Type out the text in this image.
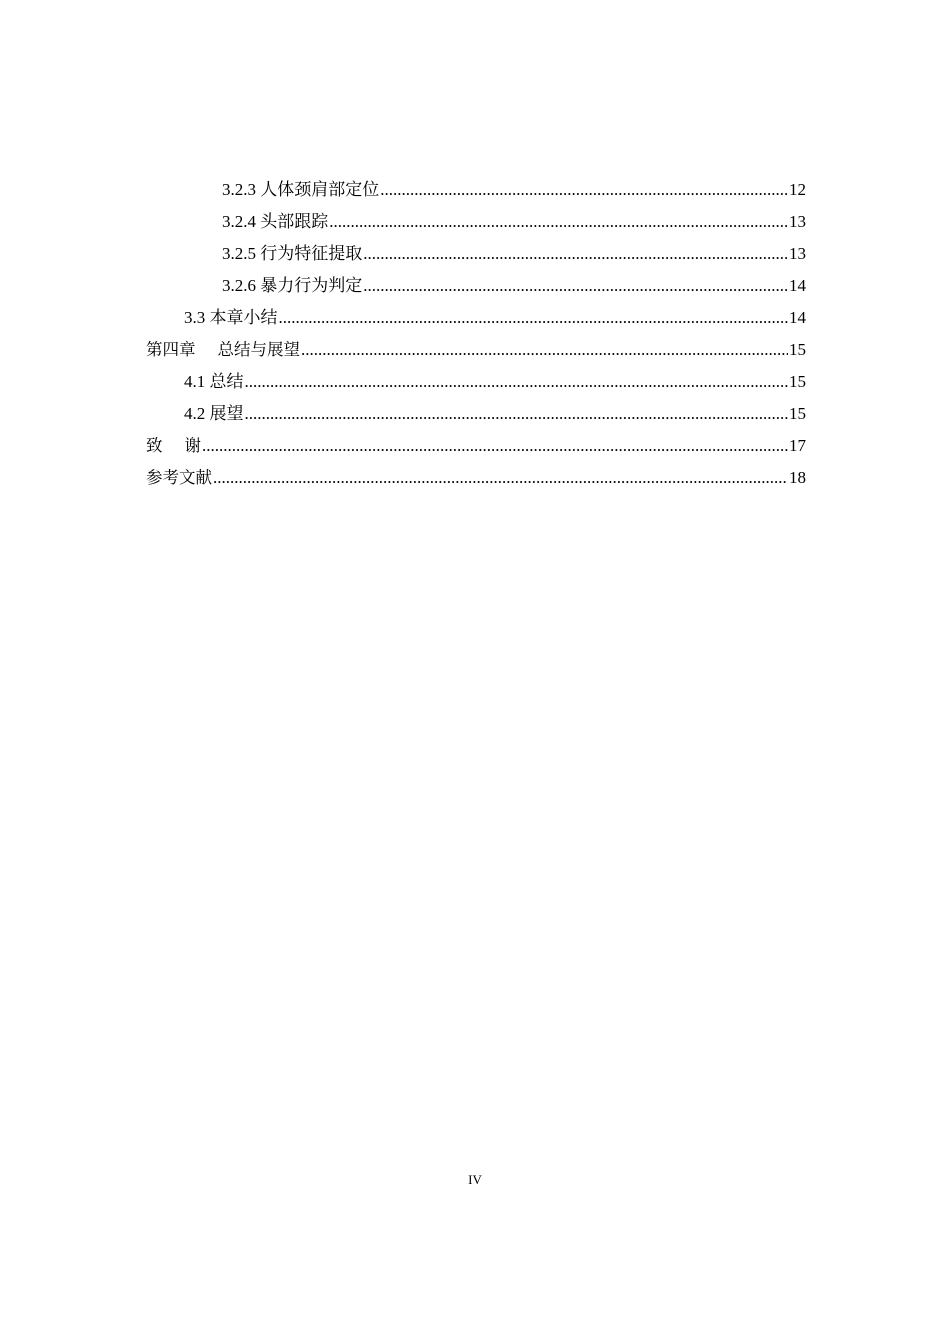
3.2.3 人体颈肩部定位 .....	12
3.2.4 头部跟踪 .....	13
3.2.5 行为特征提取 .....	13
3.2.6 暴力行为判定 .....	14
3.3 本章小结 .....	14
第四章 总结与展望 .....	15
4.1 总结 .....	15
4.2 展望 .....	15
致 谢 .....	17
参考文献 .....	18
IV
